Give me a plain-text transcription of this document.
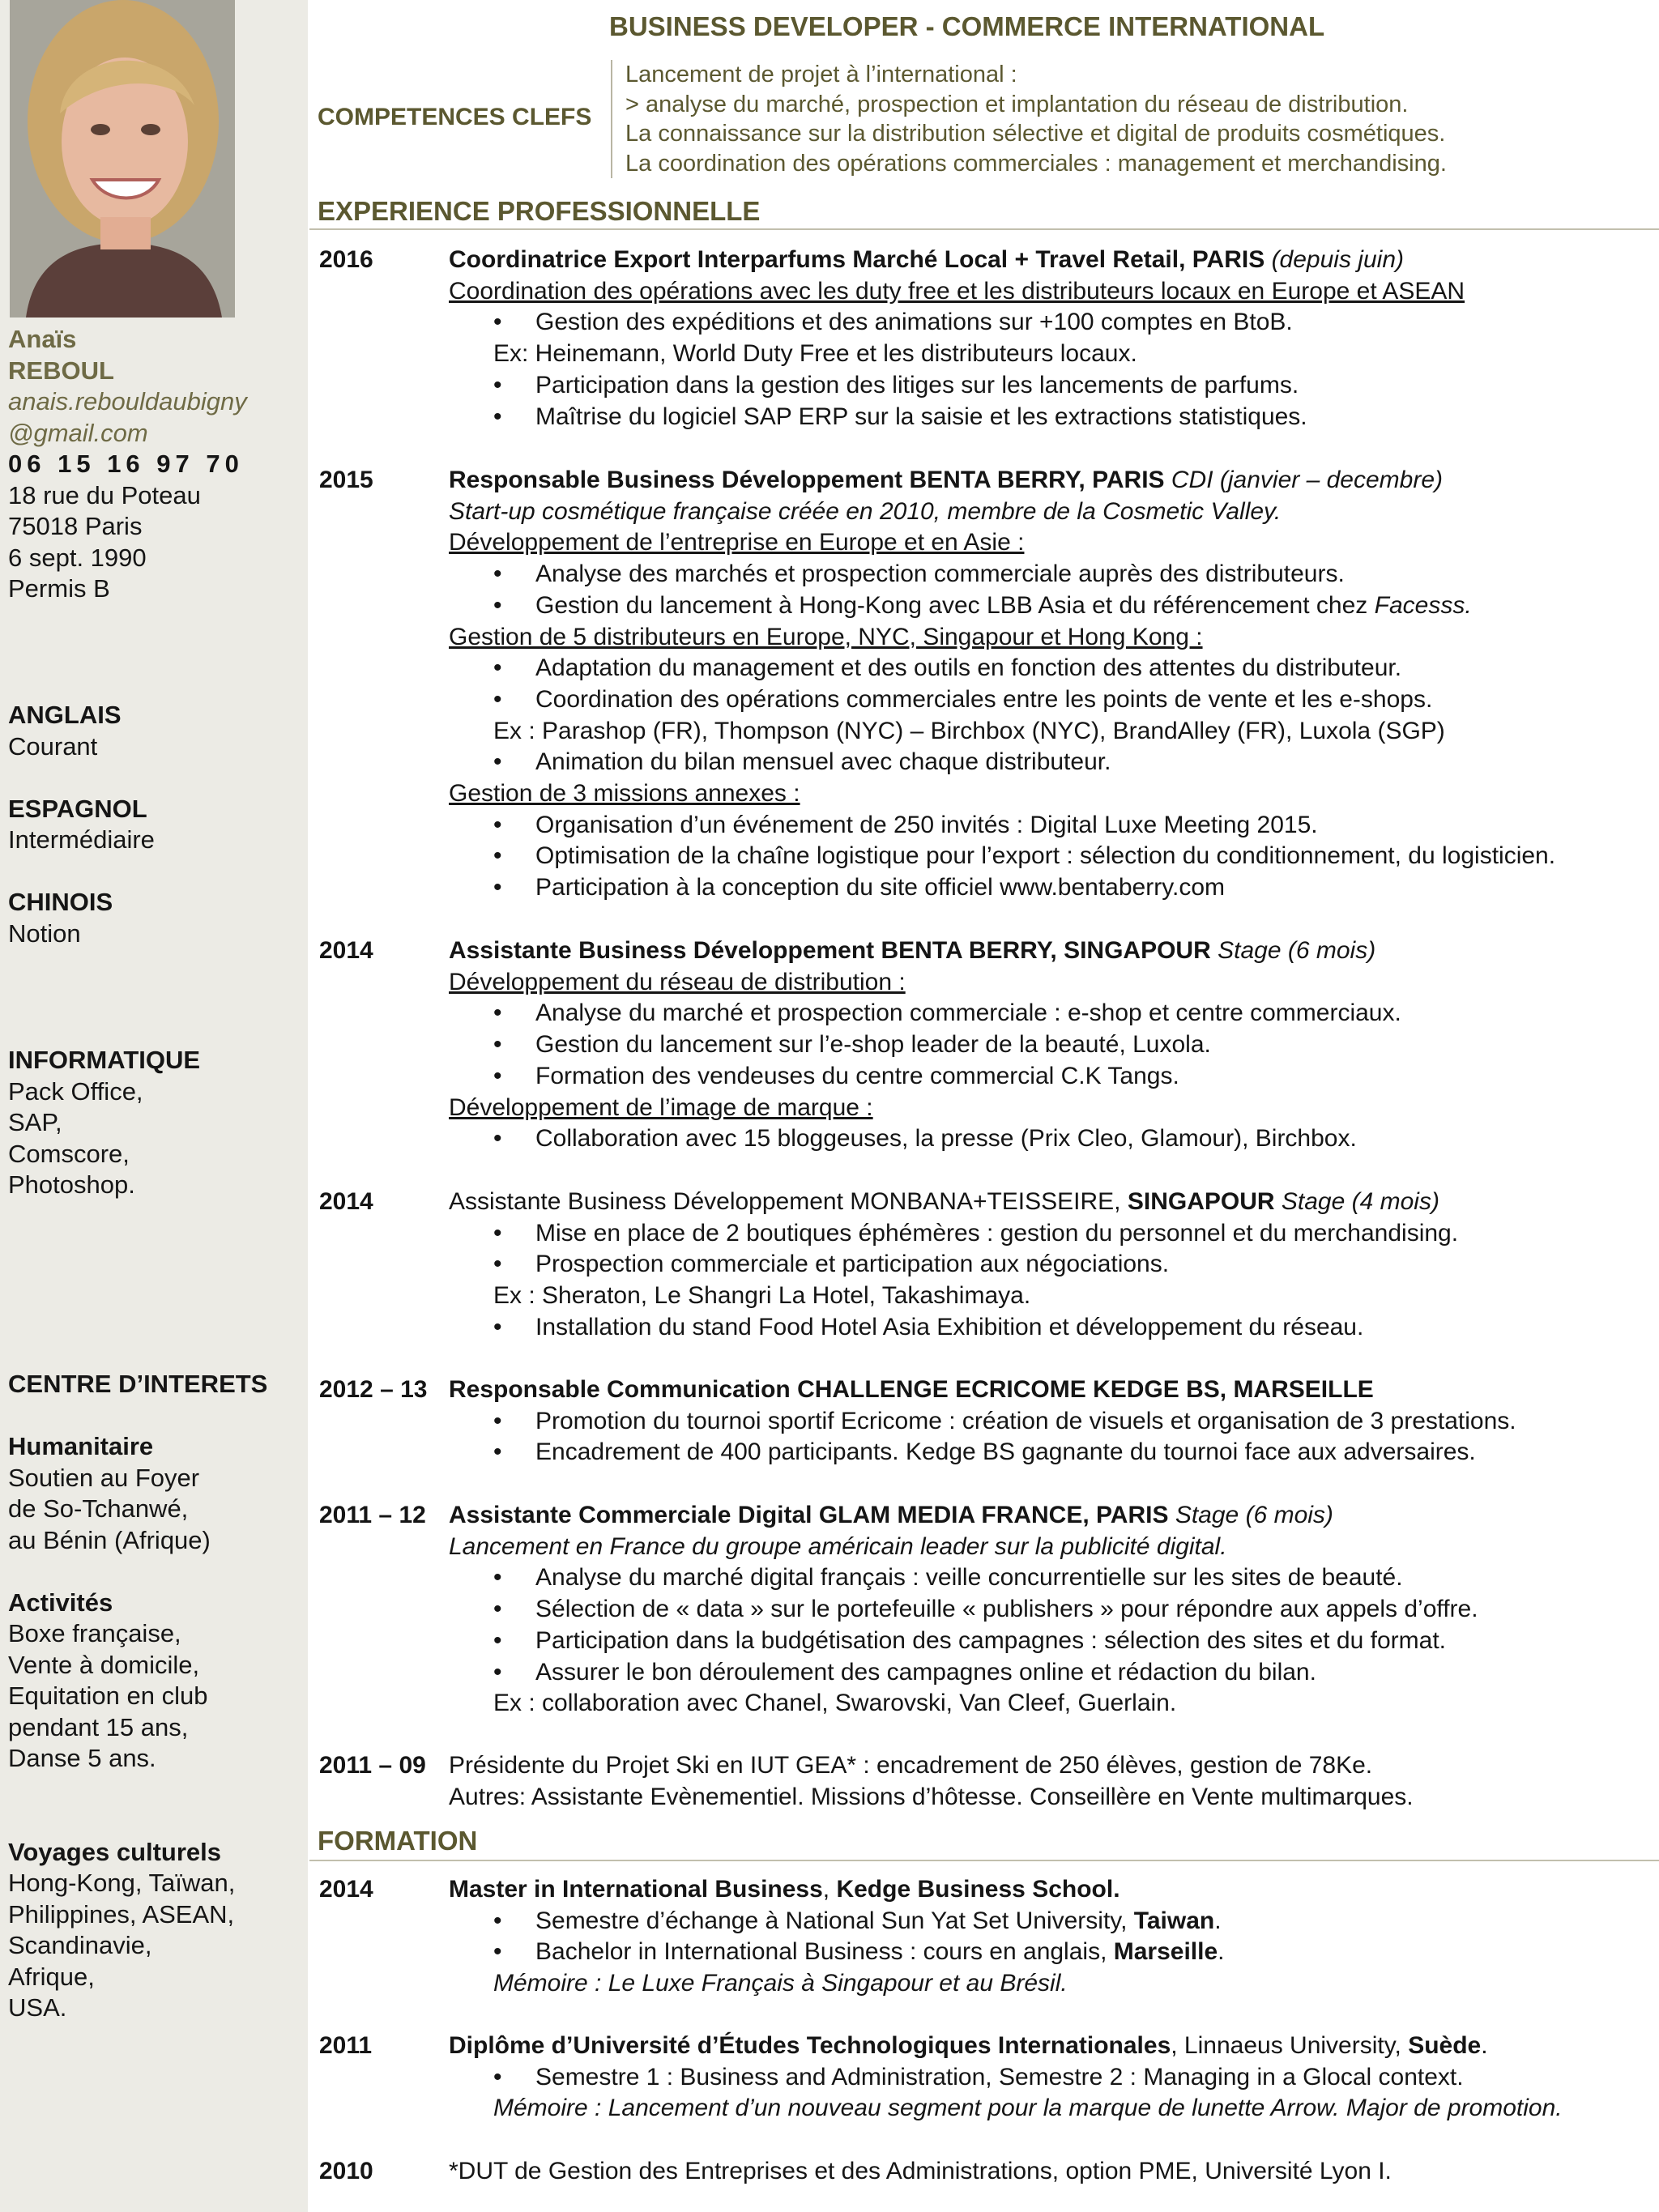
Anaïs
REBOUL
anais.rebouldaubigny
@gmail.com
06 15 16 97 70
18 rue du Poteau
75018 Paris
6 sept. 1990
Permis B
ANGLAIS
Courant

ESPAGNOL
Intermédiaire

CHINOIS
Notion
INFORMATIQUE
Pack Office,
SAP,
Comscore,
Photoshop.
CENTRE D’INTERETS

Humanitaire
Soutien au Foyer
de So-Tchanwé,
au Bénin (Afrique)

Activités
Boxe française,
Vente à domicile,
Equitation en club
pendant 15 ans,
Danse 5 ans.

Voyages culturels
Hong-Kong, Taïwan,
Philippines, ASEAN,
Scandinavie,
Afrique,
USA.
BUSINESS DEVELOPER - COMMERCE INTERNATIONAL
COMPETENCES CLEFS
Lancement de projet à l’international :
> analyse du marché, prospection et implantation du réseau de distribution.
La connaissance sur la distribution sélective et digital de produits cosmétiques.
La coordination des opérations commerciales : management et merchandising.
EXPERIENCE PROFESSIONNELLE
2016	Coordinatrice Export Interparfums Marché Local + Travel Retail, PARIS (depuis juin)
Coordination des opérations avec les duty free et les distributeurs locaux en Europe et ASEAN
• Gestion des expéditions et des animations sur +100 comptes en BtoB.
Ex: Heinemann, World Duty Free et les distributeurs locaux.
• Participation dans la gestion des litiges sur les lancements de parfums.
• Maîtrise du logiciel SAP ERP sur la saisie et les extractions statistiques.
2015	Responsable Business Développement BENTA BERRY, PARIS CDI (janvier – decembre)
Start-up cosmétique française créée en 2010, membre de la Cosmetic Valley.
Développement de l’entreprise en Europe et en Asie :
• Analyse des marchés et prospection commerciale auprès des distributeurs.
• Gestion du lancement à Hong-Kong avec LBB Asia et du référencement chez Facesss.
Gestion de 5 distributeurs en Europe, NYC, Singapour et Hong Kong :
• Adaptation du management et des outils en fonction des attentes du distributeur.
• Coordination des opérations commerciales entre les points de vente et les e-shops.
Ex : Parashop (FR), Thompson (NYC) – Birchbox (NYC), BrandAlley (FR), Luxola (SGP)
• Animation du bilan mensuel avec chaque distributeur.
Gestion de 3 missions annexes :
• Organisation d’un événement de 250 invités : Digital Luxe Meeting 2015.
• Optimisation de la chaîne logistique pour l’export : sélection du conditionnement, du logisticien.
• Participation à la conception du site officiel www.bentaberry.com
2014	Assistante Business Développement BENTA BERRY, SINGAPOUR Stage (6 mois)
Développement du réseau de distribution :
• Analyse du marché et prospection commerciale : e-shop et centre commerciaux.
• Gestion du lancement sur l’e-shop leader de la beauté, Luxola.
• Formation des vendeuses du centre commercial C.K Tangs.
Développement de l’image de marque :
• Collaboration avec 15 bloggeuses, la presse (Prix Cleo, Glamour), Birchbox.
2014	Assistante Business Développement MONBANA+TEISSEIRE, SINGAPOUR Stage (4 mois)
• Mise en place de 2 boutiques éphémères : gestion du personnel et du merchandising.
• Prospection commerciale et participation aux négociations.
Ex : Sheraton, Le Shangri La Hotel, Takashimaya.
• Installation du stand Food Hotel Asia Exhibition et développement du réseau.
2012 – 13 Responsable Communication CHALLENGE ECRICOME KEDGE BS, MARSEILLE
• Promotion du tournoi sportif Ecricome : création de visuels et organisation de 3 prestations.
• Encadrement de 400 participants. Kedge BS gagnante du tournoi face aux adversaires.
2011 – 12 Assistante Commerciale Digital GLAM MEDIA FRANCE, PARIS Stage (6 mois)
Lancement en France du groupe américain leader sur la publicité digital.
• Analyse du marché digital français : veille concurrentielle sur les sites de beauté.
• Sélection de « data » sur le portefeuille « publishers » pour répondre aux appels d’offre.
• Participation dans la budgétisation des campagnes : sélection des sites et du format.
• Assurer le bon déroulement des campagnes online et rédaction du bilan.
Ex : collaboration avec Chanel, Swarovski, Van Cleef, Guerlain.
2011 – 09 Présidente du Projet Ski en IUT GEA* : encadrement de 250 élèves, gestion de 78Ke.
Autres: Assistante Evènementiel. Missions d’hôtesse. Conseillère en Vente multimarques.
FORMATION
2014	Master in International Business, Kedge Business School.
• Semestre d’échange à National Sun Yat Set University, Taiwan.
• Bachelor in International Business : cours en anglais, Marseille.
Mémoire : Le Luxe Français à Singapour et au Brésil.
2011	Diplôme d’Université d’Études Technologiques Internationales, Linnaeus University, Suède.
• Semestre 1 : Business and Administration, Semestre 2 : Managing in a Glocal context.
Mémoire : Lancement d’un nouveau segment pour la marque de lunette Arrow. Major de promotion.
2010	*DUT de Gestion des Entreprises et des Administrations, option PME, Université Lyon I.
